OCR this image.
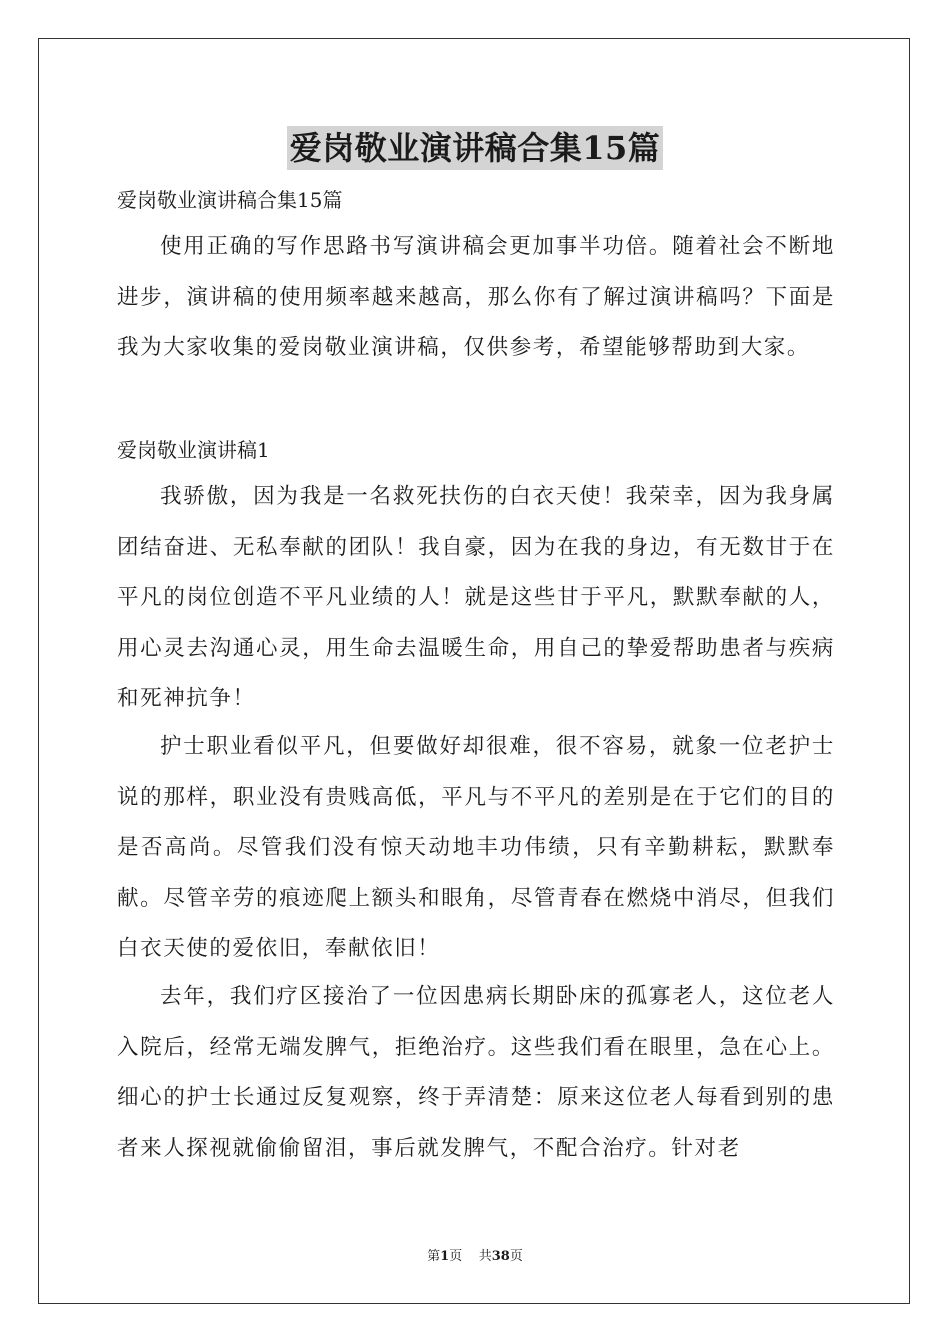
爱岗敬业演讲稿合集15篇
爱岗敬业演讲稿合集15篇

使用正确的写作思路书写演讲稿会更加事半功倍。随着社会不断地进步，演讲稿的使用频率越来越高，那么你有了解过演讲稿吗？下面是我为大家收集的爱岗敬业演讲稿，仅供参考，希望能够帮助到大家。

爱岗敬业演讲稿1

我骄傲，因为我是一名救死扶伤的白衣天使！我荣幸，因为我身属团结奋进、无私奉献的团队！我自豪，因为在我的身边，有无数甘于在平凡的岗位创造不平凡业绩的人！就是这些甘于平凡，默默奉献的人，用心灵去沟通心灵，用生命去温暖生命，用自己的挚爱帮助患者与疾病和死神抗争！

护士职业看似平凡，但要做好却很难，很不容易，就象一位老护士说的那样，职业没有贵贱高低，平凡与不平凡的差别是在于它们的目的是否高尚。尽管我们没有惊天动地丰功伟绩，只有辛勤耕耘，默默奉献。尽管辛劳的痕迹爬上额头和眼角，尽管青春在燃烧中消尽，但我们白衣天使的爱依旧，奉献依旧！

去年，我们疗区接治了一位因患病长期卧床的孤寡老人，这位老人入院后，经常无端发脾气，拒绝治疗。这些我们看在眼里，急在心上。细心的护士长通过反复观察，终于弄清楚：原来这位老人每看到别的患者来人探视就偷偷留泪，事后就发脾气，不配合治疗。针对老

第1页 共38页
